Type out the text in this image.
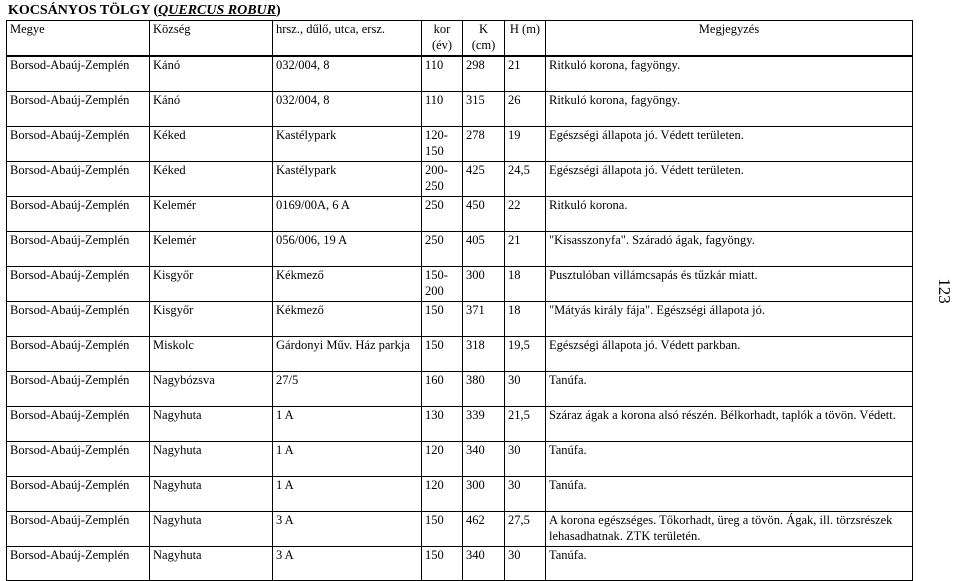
KOCSÁNYOS TÖLGY (QUERCUS ROBUR)
Megye	Község	hrsz., dűlő, utca, ersz.	kor (év)	K (cm)	H (m)	Megjegyzés
Borsod-Abaúj-Zemplén	Kánó	032/004, 8	110	298	21	Ritkuló korona, fagyöngy.
Borsod-Abaúj-Zemplén	Kánó	032/004, 8	110	315	26	Ritkuló korona, fagyöngy.
Borsod-Abaúj-Zemplén	Kéked	Kastélypark	120-150	278	19	Egészségi állapota jó. Védett területen.
Borsod-Abaúj-Zemplén	Kéked	Kastélypark	200-250	425	24,5	Egészségi állapota jó. Védett területen.
Borsod-Abaúj-Zemplén	Kelemér	0169/00A, 6 A	250	450	22	Ritkuló korona.
Borsod-Abaúj-Zemplén	Kelemér	056/006, 19 A	250	405	21	"Kisasszonyfa". Száradó ágak, fagyöngy.
Borsod-Abaúj-Zemplén	Kisgyőr	Kékmező	150-200	300	18	Pusztulóban villámcsapás és tűzkár miatt.
Borsod-Abaúj-Zemplén	Kisgyőr	Kékmező	150	371	18	"Mátyás király fája". Egészségi állapota jó.
Borsod-Abaúj-Zemplén	Miskolc	Gárdonyi Műv. Ház parkja	150	318	19,5	Egészségi állapota jó. Védett parkban.
Borsod-Abaúj-Zemplén	Nagybózsva	27/5	160	380	30	Tanúfa.
Borsod-Abaúj-Zemplén	Nagyhuta	1 A	130	339	21,5	Száraz ágak a korona alsó részén. Bélkorhadt, taplók a tövön. Védett.
Borsod-Abaúj-Zemplén	Nagyhuta	1 A	120	340	30	Tanúfa.
Borsod-Abaúj-Zemplén	Nagyhuta	1 A	120	300	30	Tanúfa.
Borsod-Abaúj-Zemplén	Nagyhuta	3 A	150	462	27,5	A korona egészséges. Tőkorhadt, üreg a tövön. Ágak, ill. törzsrészek lehasadhatnak. ZTK területén.
Borsod-Abaúj-Zemplén	Nagyhuta	3 A	150	340	30	Tanúfa.
123
